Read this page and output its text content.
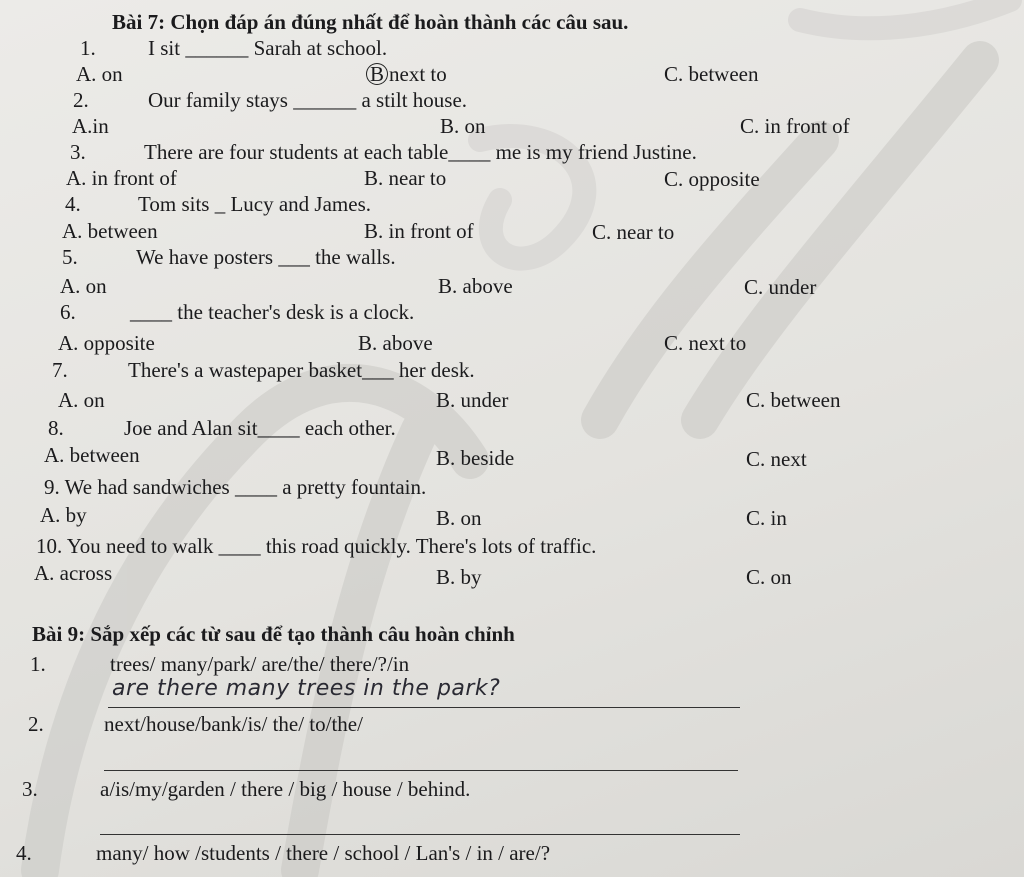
Bài 7: Chọn đáp án đúng nhất để hoàn thành các câu sau.
1. I sit ______ Sarah at school.
A. on	B next to	C. between
2.	Our family stays ______ a stilt house.
A.in	B. on	C. in front of
3.	There are four students at each table____ me is my friend Justine.
A. in front of	B. near to	C. opposite
4.	Tom sits _ Lucy and James.
A. between	B. in front of	C. near to
5.	We have posters ___ the walls.
A. on	B. above	C. under
6.	____ the teacher's desk is a clock.
A. opposite	B. above	C. next to
7.	There's a wastepaper basket___ her desk.
A. on	B. under	C. between
8.	Joe and Alan sit____ each other.
A. between	B. beside	C. next
9. We had sandwiches ____ a pretty fountain.
A. by	B. on	C. in
10. You need to walk ____ this road quickly. There's lots of traffic.
A. across	B. by	C. on
Bài 9: Sắp xếp các từ sau để tạo thành câu hoàn chỉnh
1.	trees/ many/park/ are/the/ there/?/in
are there many trees in the park?
2.	next/house/bank/is/ the/ to/the/
3.	a/is/my/garden / there / big / house / behind.
4.	many/ how /students / there / school / Lan's / in / are/?
